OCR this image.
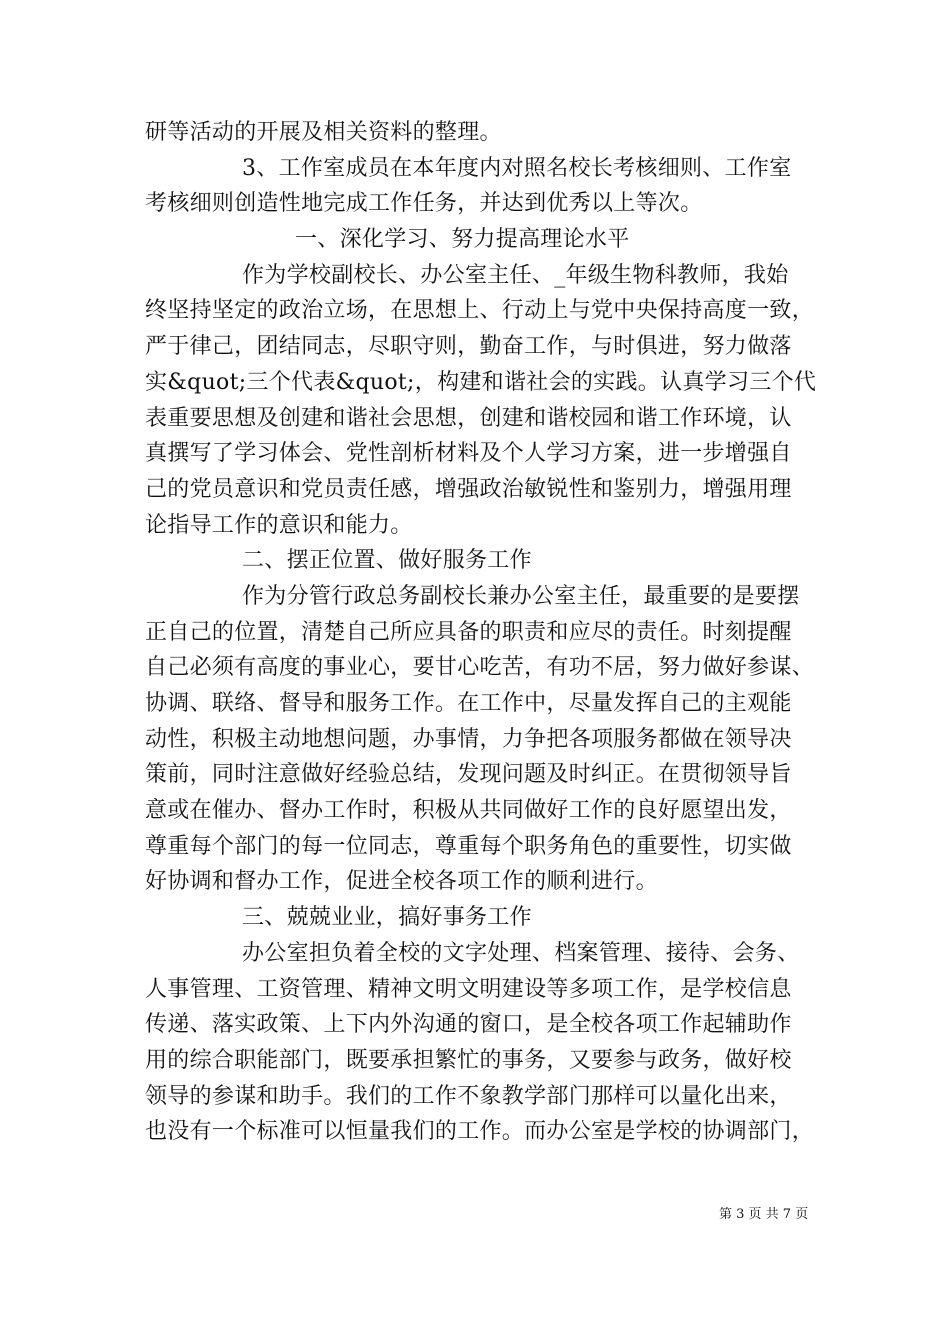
研等活动的开展及相关资料的整理。
3、工作室成员在本年度内对照名校长考核细则、工作室
考核细则创造性地完成工作任务，并达到优秀以上等次。
一、深化学习、努力提高理论水平
作为学校副校长、办公室主任、_年级生物科教师，我始
终坚持坚定的政治立场，在思想上、行动上与党中央保持高度一致，
严于律己，团结同志，尽职守则，勤奋工作，与时俱进，努力做落
实&quot;三个代表&quot;，构建和谐社会的实践。认真学习三个代
表重要思想及创建和谐社会思想，创建和谐校园和谐工作环境，认
真撰写了学习体会、党性剖析材料及个人学习方案，进一步增强自
己的党员意识和党员责任感，增强政治敏锐性和鉴别力，增强用理
论指导工作的意识和能力。
二、摆正位置、做好服务工作
作为分管行政总务副校长兼办公室主任，最重要的是要摆
正自己的位置，清楚自己所应具备的职责和应尽的责任。时刻提醒
自己必须有高度的事业心，要甘心吃苦，有功不居，努力做好参谋、
协调、联络、督导和服务工作。在工作中，尽量发挥自己的主观能
动性，积极主动地想问题，办事情，力争把各项服务都做在领导决
策前，同时注意做好经验总结，发现问题及时纠正。在贯彻领导旨
意或在催办、督办工作时，积极从共同做好工作的良好愿望出发，
尊重每个部门的每一位同志，尊重每个职务角色的重要性，切实做
好协调和督办工作，促进全校各项工作的顺利进行。
三、兢兢业业，搞好事务工作
办公室担负着全校的文字处理、档案管理、接待、会务、
人事管理、工资管理、精神文明文明建设等多项工作，是学校信息
传递、落实政策、上下内外沟通的窗口，是全校各项工作起辅助作
用的综合职能部门，既要承担繁忙的事务，又要参与政务，做好校
领导的参谋和助手。我们的工作不象教学部门那样可以量化出来，
也没有一个标准可以恒量我们的工作。而办公室是学校的协调部门，
第 3 页 共 7 页
